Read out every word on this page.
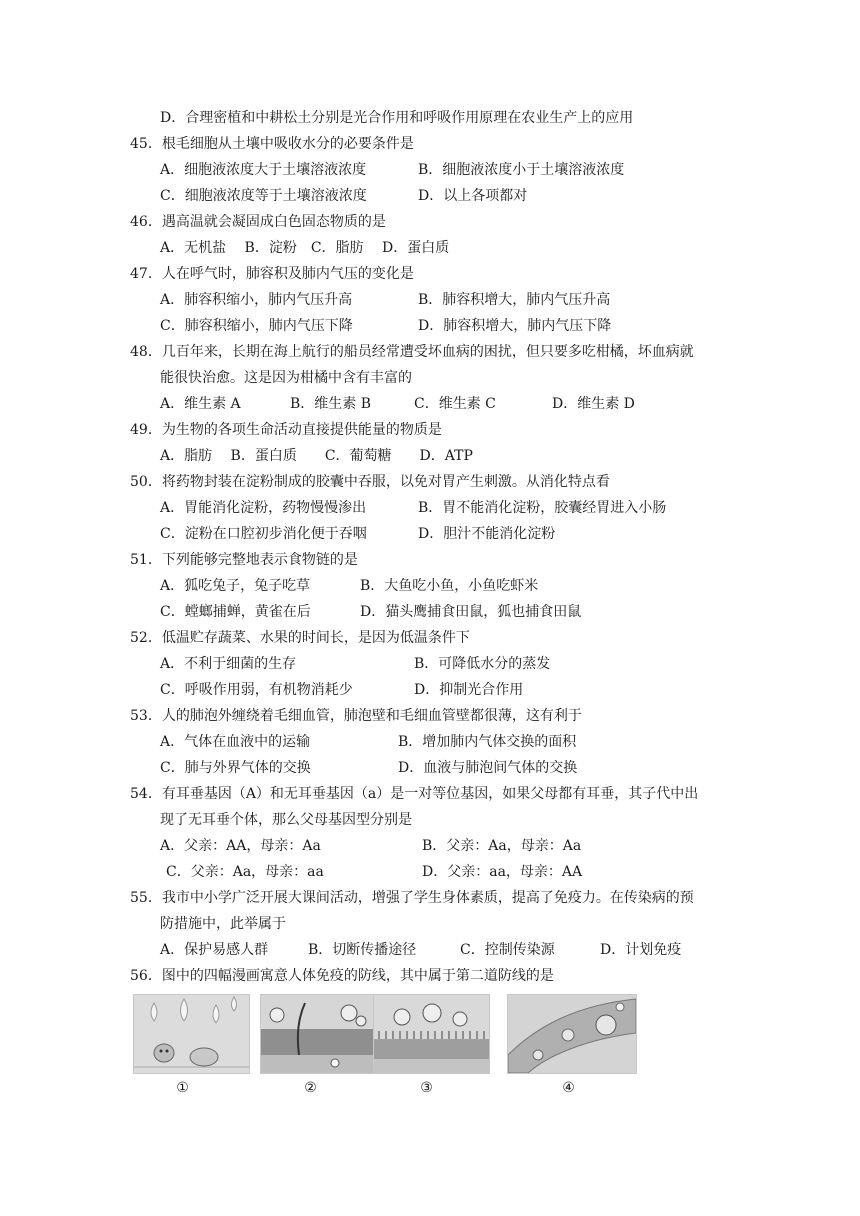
D．合理密植和中耕松土分别是光合作用和呼吸作用原理在农业生产上的应用
45．根毛细胞从土壤中吸收水分的必要条件是
A．细胞液浓度大于土壤溶液浓度	B．细胞液浓度小于土壤溶液浓度
C．细胞液浓度等于土壤溶液浓度	D．以上各项都对
46．遇高温就会凝固成白色固态物质的是
A．无机盐　 B．淀粉　C．脂肪　 D．蛋白质
47．人在呼气时，肺容积及肺内气压的变化是
A．肺容积缩小，肺内气压升高	B．肺容积增大，肺内气压升高
C．肺容积缩小，肺内气压下降	D．肺容积增大，肺内气压下降
48．几百年来，长期在海上航行的船员经常遭受坏血病的困扰，但只要多吃柑橘，坏血病就
能很快治愈。这是因为柑橘中含有丰富的
A．维生素 A	B．维生素 B	C．维生素 C	D．维生素 D
49．为生物的各项生命活动直接提供能量的物质是
A．脂肪　 B．蛋白质　　C．葡萄糖　　D．ATP
50．将药物封装在淀粉制成的胶囊中吞服，以免对胃产生刺激。从消化特点看
A．胃能消化淀粉，药物慢慢渗出	B．胃不能消化淀粉，胶囊经胃进入小肠
C．淀粉在口腔初步消化便于吞咽	D．胆汁不能消化淀粉
51．下列能够完整地表示食物链的是
A．狐吃兔子，兔子吃草	B．大鱼吃小鱼，小鱼吃虾米
C．螳螂捕蝉，黄雀在后	D．猫头鹰捕食田鼠，狐也捕食田鼠
52．低温贮存蔬菜、水果的时间长，是因为低温条件下
A．不利于细菌的生存	B．可降低水分的蒸发
C．呼吸作用弱，有机物消耗少	D．抑制光合作用
53．人的肺泡外缠绕着毛细血管，肺泡壁和毛细血管壁都很薄，这有利于
A．气体在血液中的运输	B．增加肺内气体交换的面积
C．肺与外界气体的交换	D．血液与肺泡间气体的交换
54．有耳垂基因（A）和无耳垂基因（a）是一对等位基因，如果父母都有耳垂，其子代中出
现了无耳垂个体，那么父母基因型分别是
A．父亲：AA，母亲：Aa	B．父亲：Aa，母亲：Aa
C．父亲：Aa，母亲：aa	D．父亲：aa，母亲：AA
55．我市中小学广泛开展大课间活动，增强了学生身体素质，提高了免疫力。在传染病的预
防措施中，此举属于
A．保护易感人群	B．切断传播途径	C．控制传染源	D．计划免疫
56．图中的四幅漫画寓意人体免疫的防线，其中属于第二道防线的是
①	②	③	④
